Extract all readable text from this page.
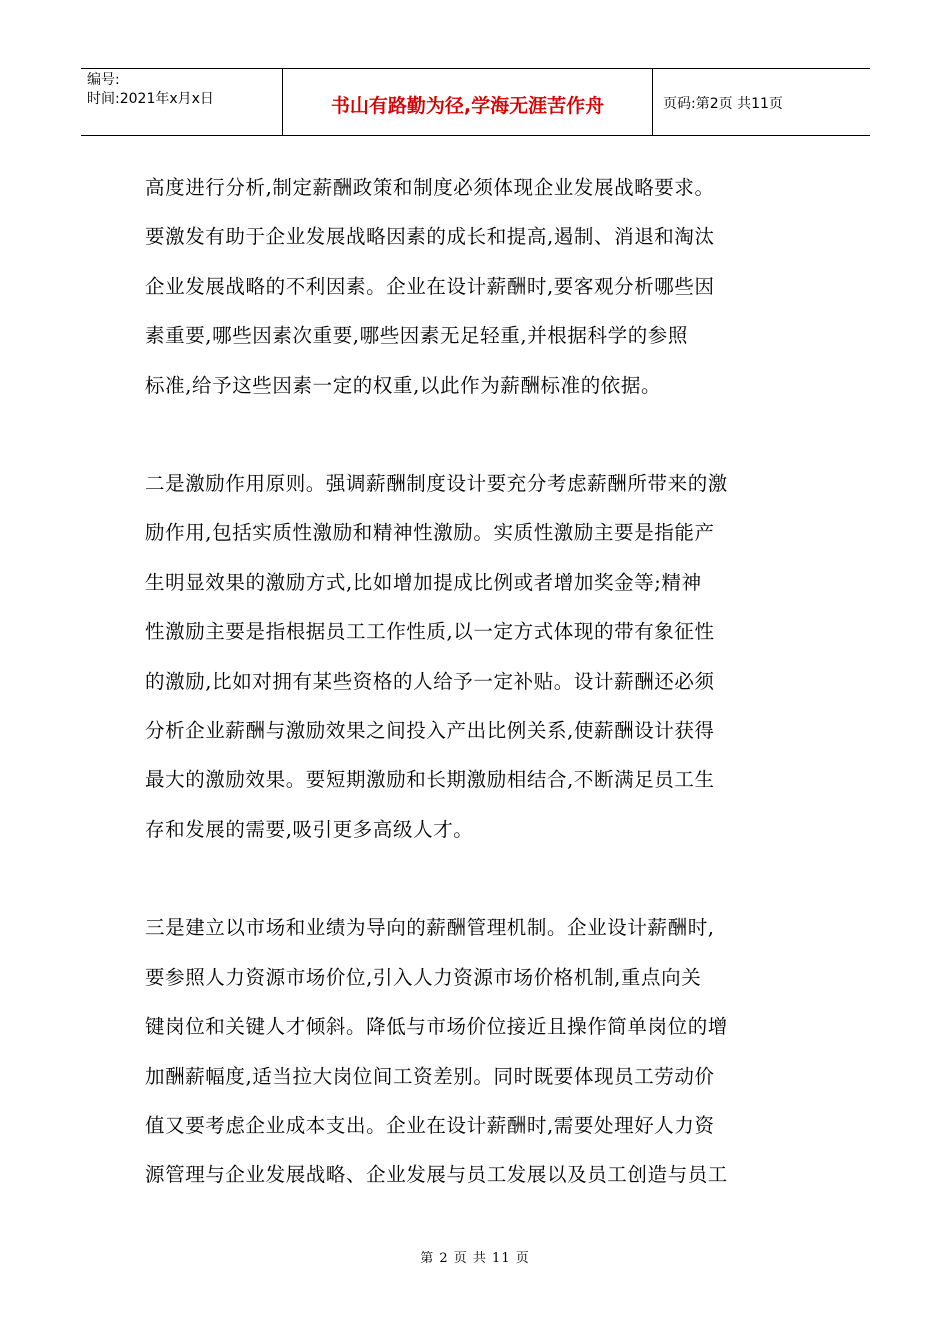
编号:
时间:2021年x月x日	书山有路勤为径,学海无涯苦作舟	页码:第2页 共11页

高度进行分析,制定薪酬政策和制度必须体现企业发展战略要求。

要激发有助于企业发展战略因素的成长和提高,遏制、消退和淘汰

企业发展战略的不利因素。企业在设计薪酬时,要客观分析哪些因

素重要,哪些因素次重要,哪些因素无足轻重,并根据科学的参照

标准,给予这些因素一定的权重,以此作为薪酬标准的依据。

二是激励作用原则。强调薪酬制度设计要充分考虑薪酬所带来的激

励作用,包括实质性激励和精神性激励。实质性激励主要是指能产

生明显效果的激励方式,比如增加提成比例或者增加奖金等;精神

性激励主要是指根据员工工作性质,以一定方式体现的带有象征性

的激励,比如对拥有某些资格的人给予一定补贴。设计薪酬还必须

分析企业薪酬与激励效果之间投入产出比例关系,使薪酬设计获得

最大的激励效果。要短期激励和长期激励相结合,不断满足员工生

存和发展的需要,吸引更多高级人才。

三是建立以市场和业绩为导向的薪酬管理机制。企业设计薪酬时,

要参照人力资源市场价位,引入人力资源市场价格机制,重点向关

键岗位和关键人才倾斜。降低与市场价位接近且操作简单岗位的增

加酬薪幅度,适当拉大岗位间工资差别。同时既要体现员工劳动价

值又要考虑企业成本支出。企业在设计薪酬时,需要处理好人力资

源管理与企业发展战略、企业发展与员工发展以及员工创造与员工

第 2 页 共 11 页
